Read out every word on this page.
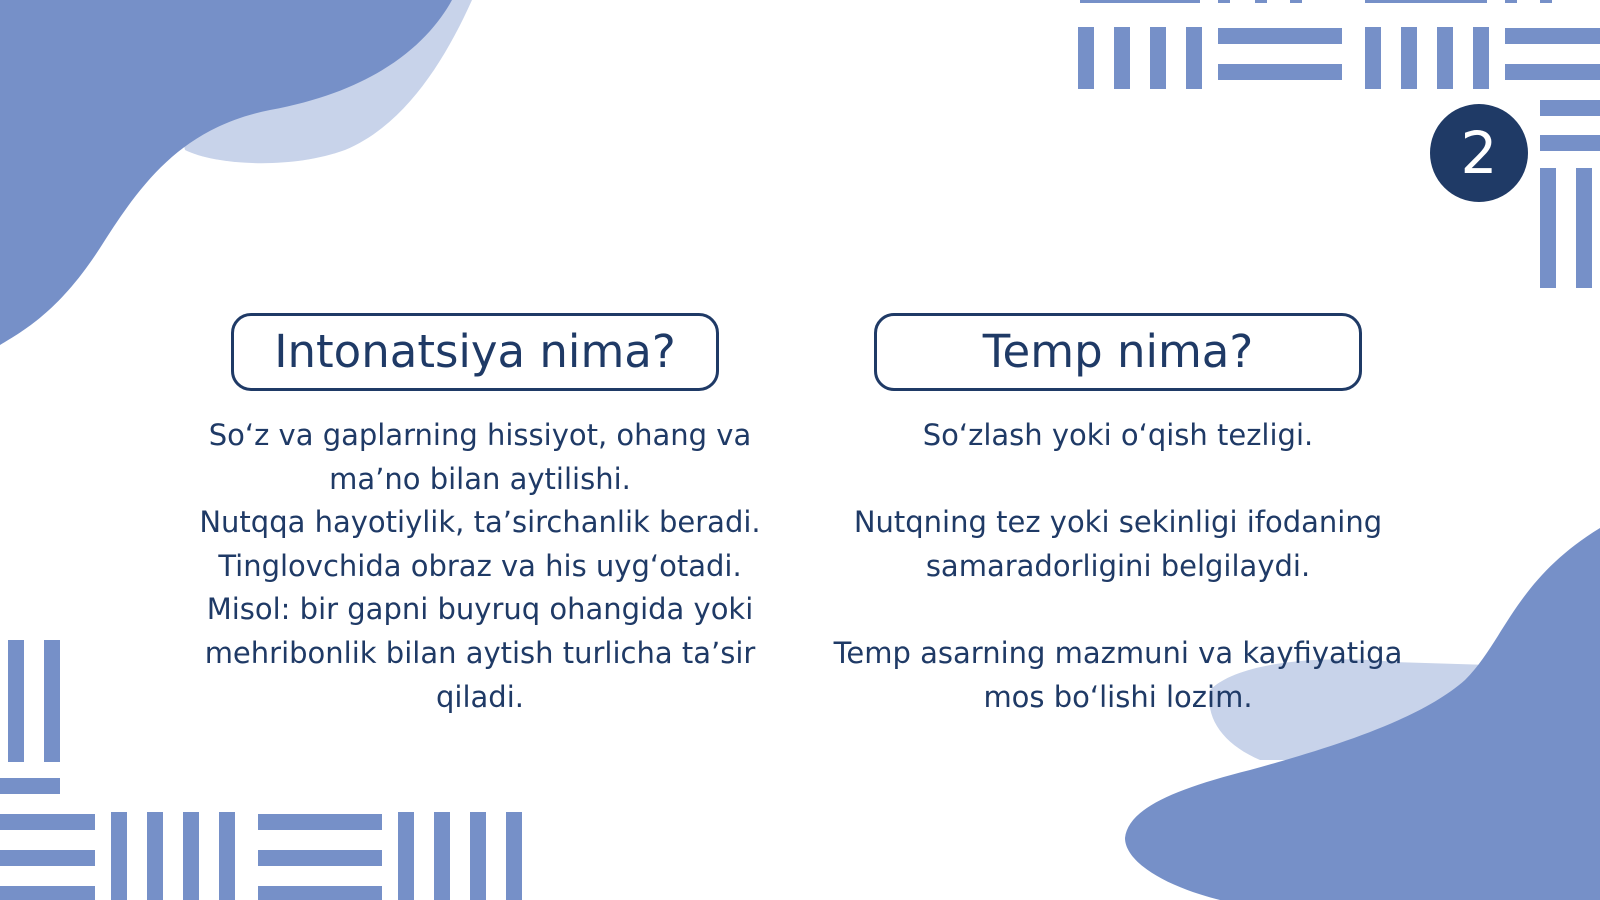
2
Intonatsiya nima?

So‘z va gaplarning hissiyot, ohang va

ma’no bilan aytilishi.

Nutqqa hayotiylik, ta’sirchanlik beradi.

Tinglovchida obraz va his uyg‘otadi.

Misol: bir gapni buyruq ohangida yoki

mehribonlik bilan aytish turlicha ta’sir

qiladi.

Temp nima?

So‘zlash yoki o‘qish tezligi.

Nutqning tez yoki sekinligi ifodaning

samaradorligini belgilaydi.

Temp asarning mazmuni va kayfiyatiga

mos bo‘lishi lozim.
